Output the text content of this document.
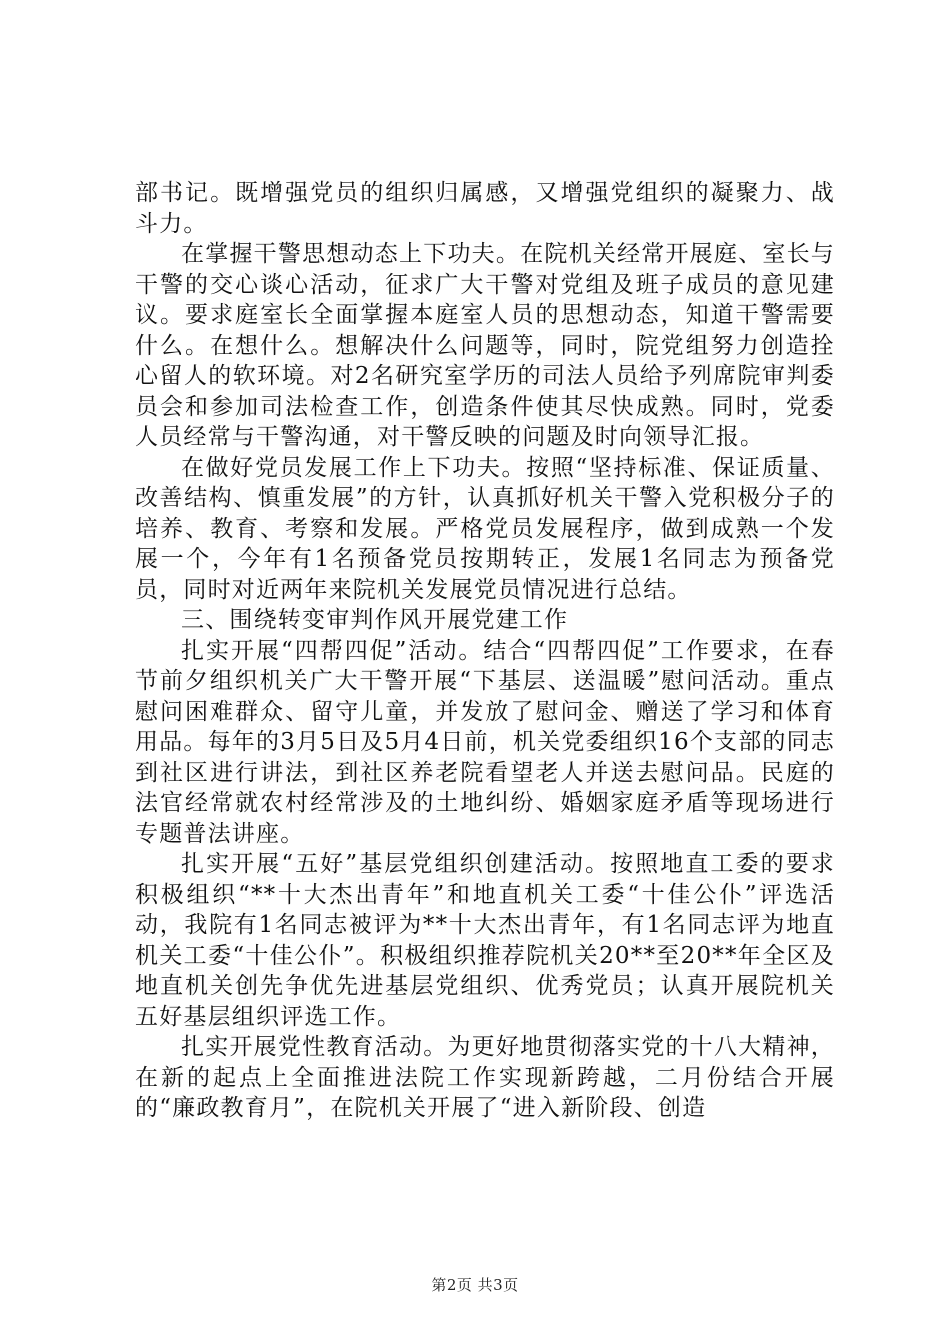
部书记。既增强党员的组织归属感，又增强党组织的凝聚力、战斗力。

在掌握干警思想动态上下功夫。在院机关经常开展庭、室长与干警的交心谈心活动，征求广大干警对党组及班子成员的意见建议。要求庭室长全面掌握本庭室人员的思想动态，知道干警需要什么。在想什么。想解决什么问题等，同时，院党组努力创造拴心留人的软环境。对2名研究室学历的司法人员给予列席院审判委员会和参加司法检查工作，创造条件使其尽快成熟。同时，党委人员经常与干警沟通，对干警反映的问题及时向领导汇报。

在做好党员发展工作上下功夫。按照“坚持标准、保证质量、改善结构、慎重发展”的方针，认真抓好机关干警入党积极分子的培养、教育、考察和发展。严格党员发展程序，做到成熟一个发展一个，今年有1名预备党员按期转正，发展1名同志为预备党员，同时对近两年来院机关发展党员情况进行总结。

三、围绕转变审判作风开展党建工作

扎实开展“四帮四促”活动。结合“四帮四促”工作要求，在春节前夕组织机关广大干警开展“下基层、送温暖”慰问活动。重点慰问困难群众、留守儿童，并发放了慰问金、赠送了学习和体育用品。每年的3月5日及5月4日前，机关党委组织16个支部的同志到社区进行讲法，到社区养老院看望老人并送去慰问品。民庭的法官经常就农村经常涉及的土地纠纷、婚姻家庭矛盾等现场进行专题普法讲座。

扎实开展“五好”基层党组织创建活动。按照地直工委的要求积极组织“**十大杰出青年”和地直机关工委“十佳公仆”评选活动，我院有1名同志被评为**十大杰出青年，有1名同志评为地直机关工委“十佳公仆”。积极组织推荐院机关20**至20**年全区及地直机关创先争优先进基层党组织、优秀党员；认真开展院机关五好基层组织评选工作。

扎实开展党性教育活动。为更好地贯彻落实党的十八大精神，在新的起点上全面推进法院工作实现新跨越，二月份结合开展的“廉政教育月”，在院机关开展了“进入新阶段、创造

第2页 共3页
